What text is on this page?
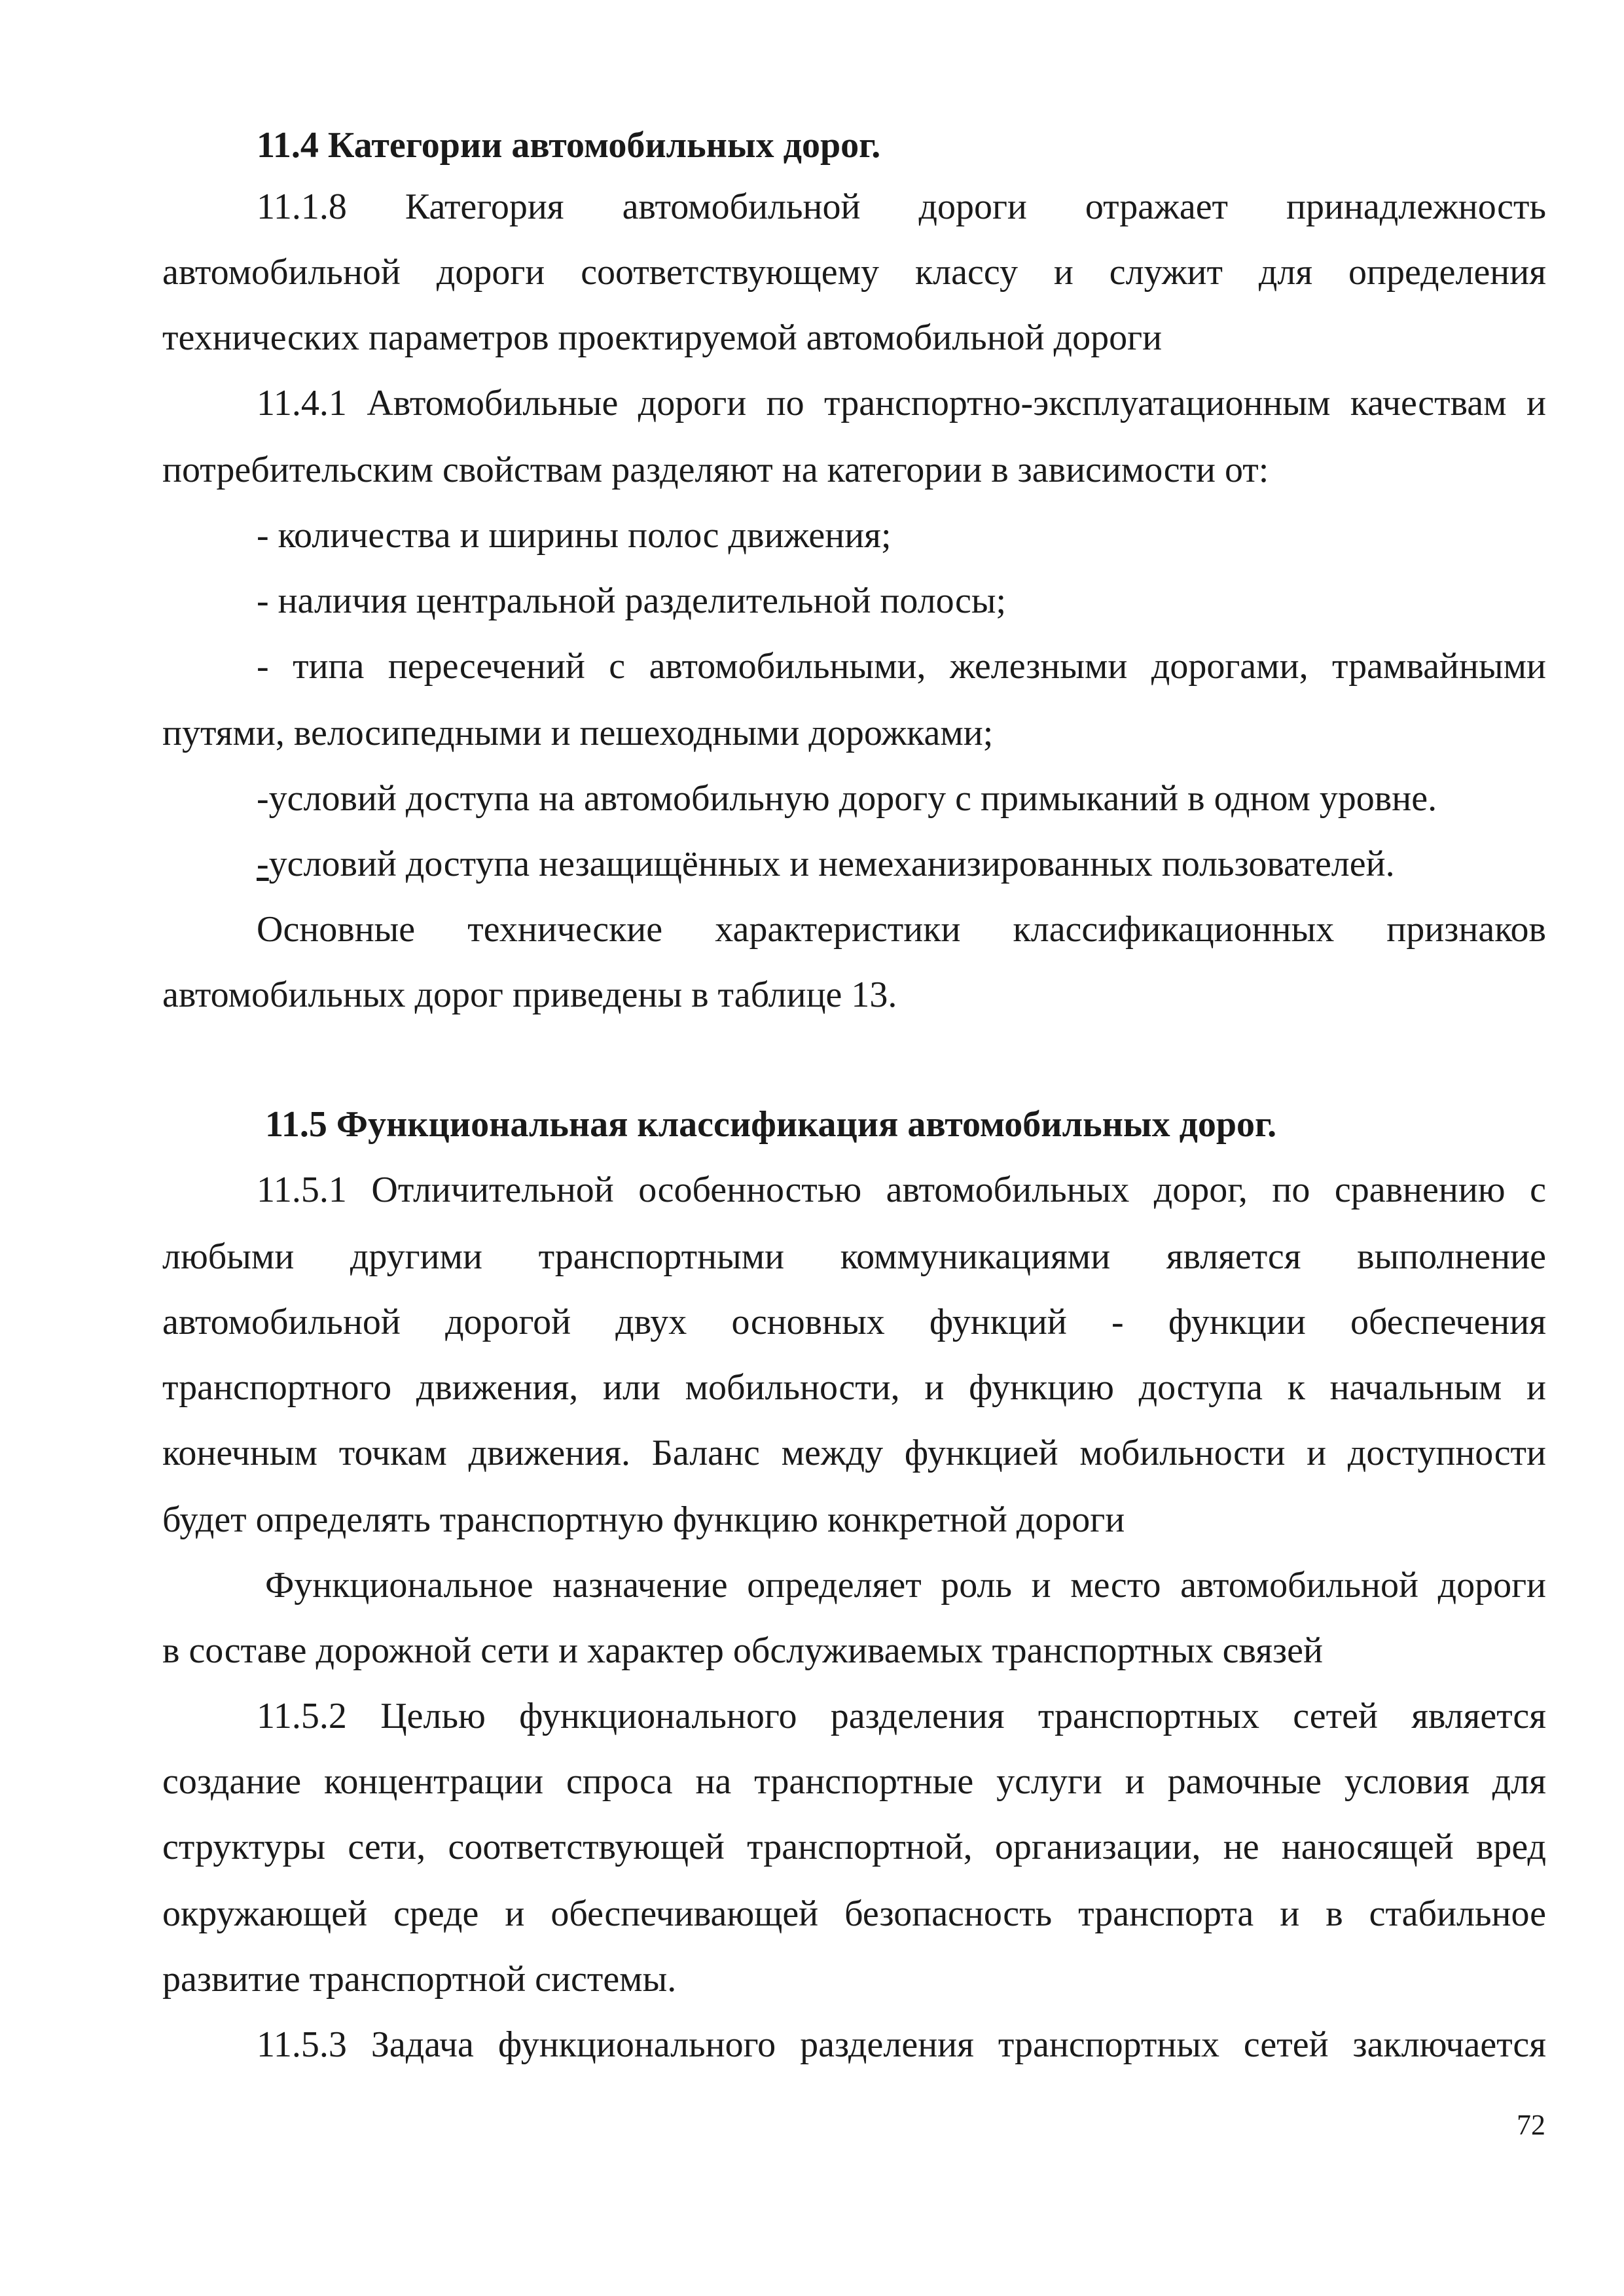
11.4 Категории автомобильных дорог.

11.1.8 Категория автомобильной дороги отражает принадлежность

автомобильной дороги соответствующему классу и служит для определения

технических параметров проектируемой автомобильной дороги

11.4.1 Автомобильные дороги по транспортно-эксплуатационным качествам и

потребительским свойствам разделяют на категории в зависимости от:

- количества и ширины полос движения;

- наличия центральной разделительной полосы;

- типа пересечений с автомобильными, железными дорогами, трамвайными

путями, велосипедными и пешеходными дорожками;

-условий доступа на автомобильную дорогу с примыканий в одном уровне.

-условий доступа незащищённых и немеханизированных пользователей.

Основные технические характеристики классификационных признаков

автомобильных дорог приведены в таблице 13.

11.5 Функциональная классификация автомобильных дорог.

11.5.1 Отличительной особенностью автомобильных дорог, по сравнению с

любыми другими транспортными коммуникациями является выполнение

автомобильной дорогой двух основных функций - функции обеспечения

транспортного движения, или мобильности, и функцию доступа к начальным и

конечным точкам движения. Баланс между функцией мобильности и доступности

будет определять транспортную функцию конкретной дороги

Функциональное назначение определяет роль и место автомобильной дороги

в составе дорожной сети и характер обслуживаемых транспортных связей

11.5.2 Целью функционального разделения транспортных сетей является

создание концентрации спроса на транспортные услуги и рамочные условия для

структуры сети, соответствующей транспортной, организации, не наносящей вред

окружающей среде и обеспечивающей безопасность транспорта и в стабильное

развитие транспортной системы.

11.5.3 Задача функционального разделения транспортных сетей заключается

72
